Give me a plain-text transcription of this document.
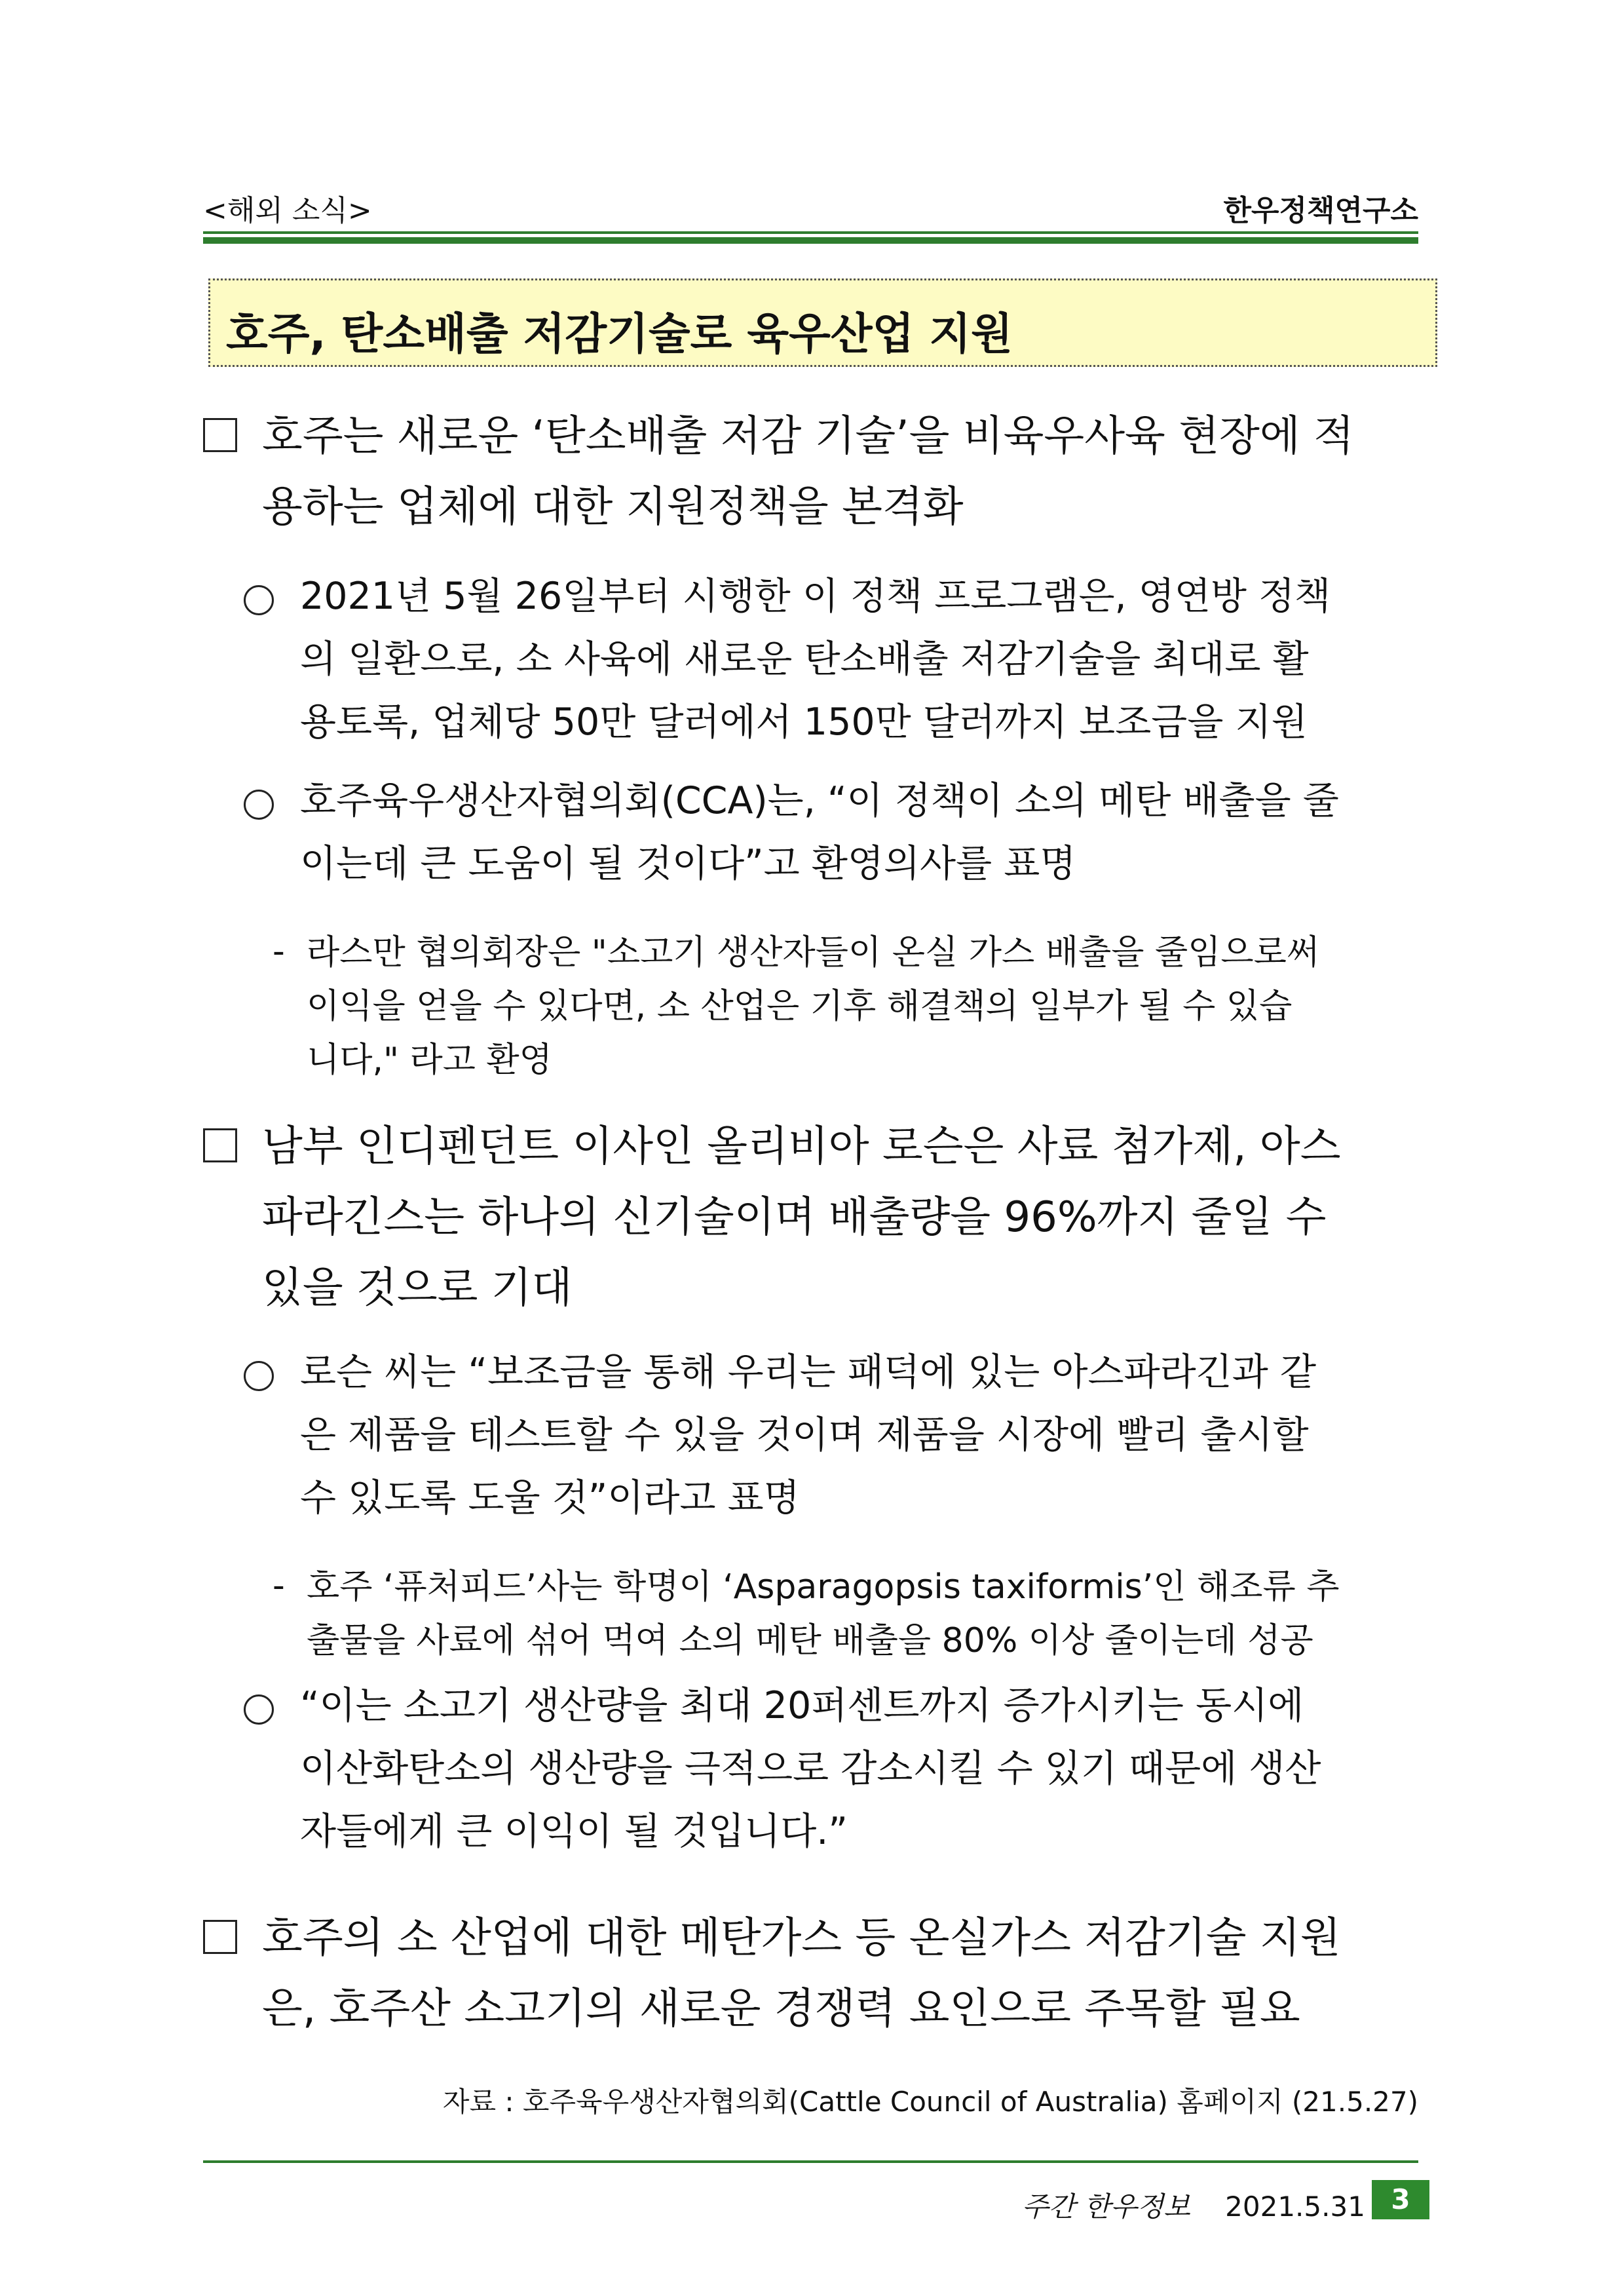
<해외 소식>	한우정책연구소
호주, 탄소배출 저감기술로 육우산업 지원
호주는 새로운 ‘탄소배출 저감 기술’을 비육우사육 현장에 적
용하는 업체에 대한 지원정책을 본격화
2021년 5월 26일부터 시행한 이 정책 프로그램은, 영연방 정책
의 일환으로, 소 사육에 새로운 탄소배출 저감기술을 최대로 활
용토록, 업체당 50만 달러에서 150만 달러까지 보조금을 지원
호주육우생산자협의회(CCA)는, “이 정책이 소의 메탄 배출을 줄
이는데 큰 도움이 될 것이다”고 환영의사를 표명
- 라스만 협의회장은 "소고기 생산자들이 온실 가스 배출을 줄임으로써
이익을 얻을 수 있다면, 소 산업은 기후 해결책의 일부가 될 수 있습
니다," 라고 환영
남부 인디펜던트 이사인 올리비아 로슨은 사료 첨가제, 아스
파라긴스는 하나의 신기술이며 배출량을 96%까지 줄일 수
있을 것으로 기대
로슨 씨는 “보조금을 통해 우리는 패덕에 있는 아스파라긴과 같
은 제품을 테스트할 수 있을 것이며 제품을 시장에 빨리 출시할
수 있도록 도울 것”이라고 표명
- 호주 ‘퓨처피드’사는 학명이 ‘Asparagopsis taxiformis’인 해조류 추
출물을 사료에 섞어 먹여 소의 메탄 배출을 80% 이상 줄이는데 성공
“이는 소고기 생산량을 최대 20퍼센트까지 증가시키는 동시에
이산화탄소의 생산량을 극적으로 감소시킬 수 있기 때문에 생산
자들에게 큰 이익이 될 것입니다.”
호주의 소 산업에 대한 메탄가스 등 온실가스 저감기술 지원
은, 호주산 소고기의 새로운 경쟁력 요인으로 주목할 필요
자료 : 호주육우생산자협의회(Cattle Council of Australia) 홈페이지 (21.5.27)
주간 한우정보 2021.5.31 3
